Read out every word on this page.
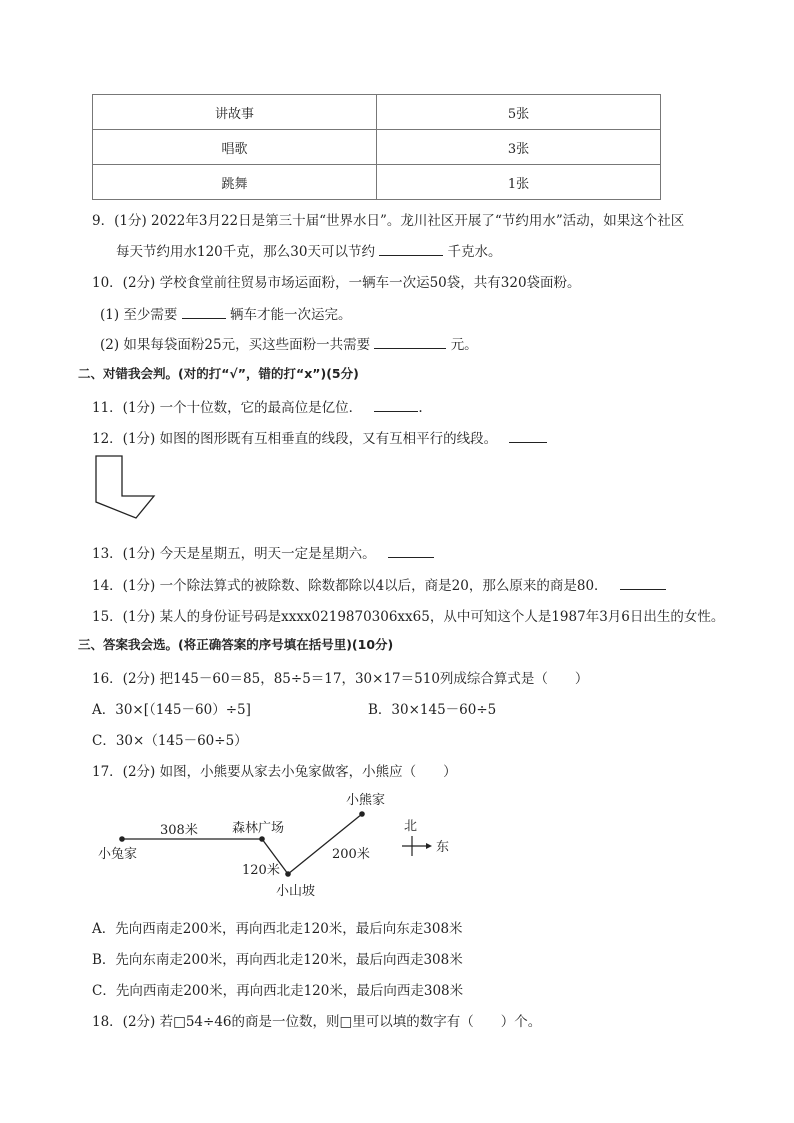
讲故事	5张
唱歌	3张
跳舞	1张
9．(1分) 2022年3月22日是第三十届“世界水日”。龙川社区开展了“节约用水”活动，如果这个社区
每天节约用水120千克，那么30天可以节约	千克水。
10．(2分) 学校食堂前往贸易市场运面粉，一辆车一次运50袋，共有320袋面粉。
(1) 至少需要	辆车才能一次运完。
(2) 如果每袋面粉25元，买这些面粉一共需要	元。
二、对错我会判。(对的打“√”，错的打“x”)(5分)
11．(1分) 一个十位数，它的最高位是亿位．	.
12．(1分) 如图的图形既有互相垂直的线段，又有互相平行的线段。
13．(1分) 今天是星期五，明天一定是星期六。
14．(1分) 一个除法算式的被除数、除数都除以4以后，商是20，那么原来的商是80．
15．(1分) 某人的身份证号码是xxxx0219870306xx65，从中可知这个人是1987年3月6日出生的女性。
三、答案我会选。(将正确答案的序号填在括号里)(10分)
16．(2分) 把145－60＝85，85÷5＝17，30×17＝510列成综合算式是（　　）
A．30×[（145－60）÷5]	B．30×145－60÷5
C．30×（145－60÷5）
17．(2分) 如图，小熊要从家去小兔家做客，小熊应（　　）
小兔家
308米	森林广场
120米
小山坡
200米
小熊家
北
东
A．先向西南走200米，再向西北走120米，最后向东走308米
B．先向东南走200米，再向西北走120米，最后向西走308米
C．先向西南走200米，再向西北走120米，最后向西走308米
18．(2分) 若□54÷46的商是一位数，则□里可以填的数字有（　　）个。
